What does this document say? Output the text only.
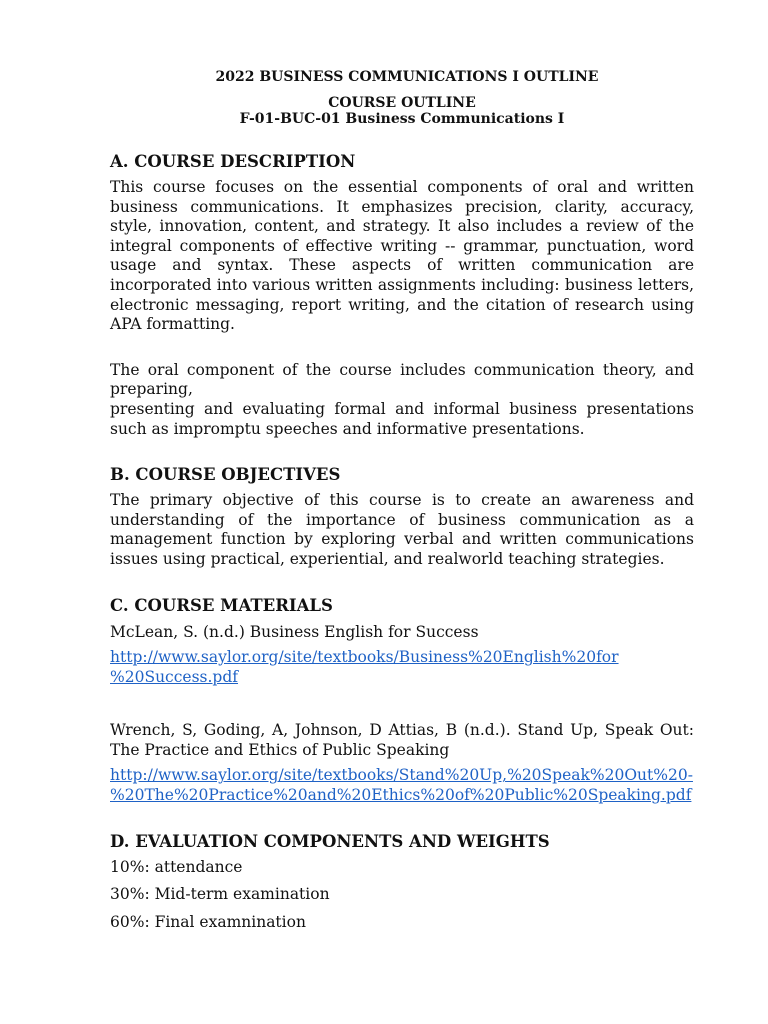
2022 BUSINESS COMMUNICATIONS I OUTLINE
COURSE OUTLINE
F-01-BUC-01 Business Communications I
A. COURSE DESCRIPTION
This course focuses on the essential components of oral and written business communications. It emphasizes precision, clarity, accuracy, style, innovation, content, and strategy. It also includes a review of the integral components of effective writing -- grammar, punctuation, word usage and syntax. These aspects of written communication are incorporated into various written assignments including: business letters, electronic messaging, report writing, and the citation of research using APA formatting.
The oral component of the course includes communication theory, and preparing,
presenting and evaluating formal and informal business presentations such as impromptu speeches and informative presentations.
B. COURSE OBJECTIVES
The primary objective of this course is to create an awareness and understanding of the importance of business communication as a management function by exploring verbal and written communications issues using practical, experiential, and realworld teaching strategies.
C. COURSE MATERIALS
McLean, S. (n.d.) Business English for Success
http://www.saylor.org/site/textbooks/Business%20English%20for
%20Success.pdf
Wrench, S, Goding, A, Johnson, D Attias, B (n.d.). Stand Up, Speak Out: The Practice and Ethics of Public Speaking
http://www.saylor.org/site/textbooks/Stand%20Up,%20Speak%20Out%20-
%20The%20Practice%20and%20Ethics%20of%20Public%20Speaking.pdf
D. EVALUATION COMPONENTS AND WEIGHTS
10%: attendance
30%: Mid-term examination
60%: Final examnination
